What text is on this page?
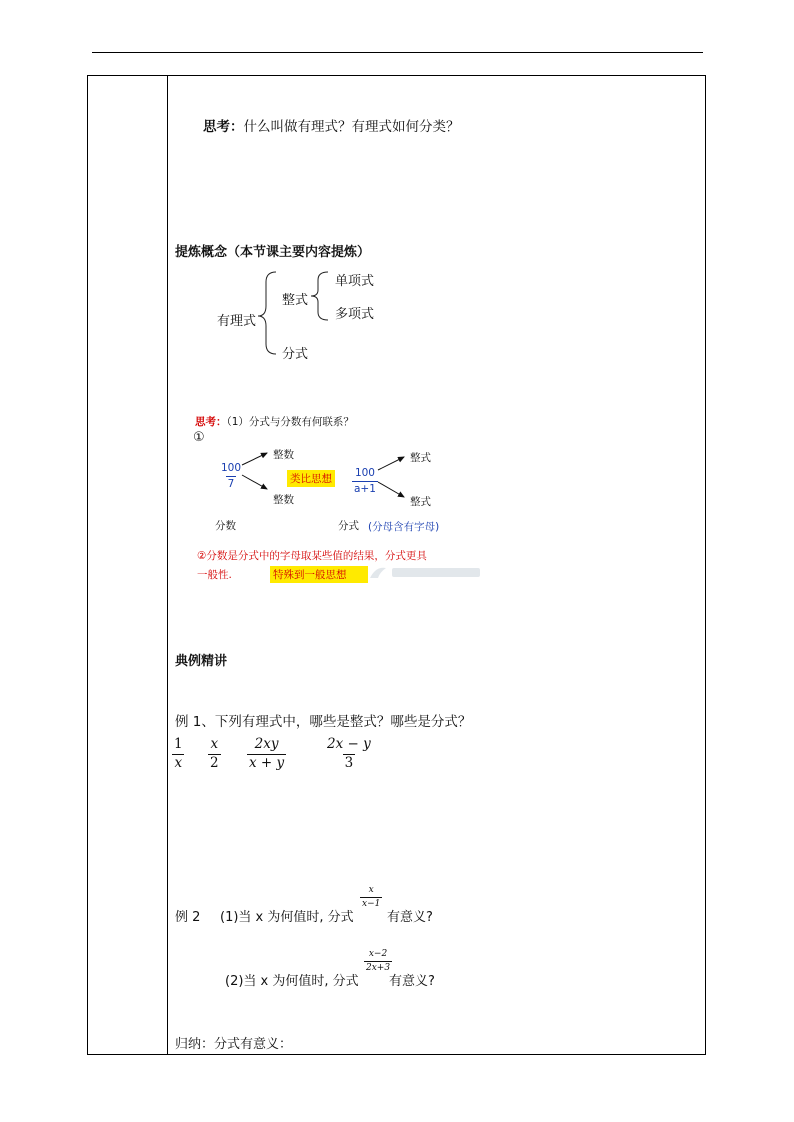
思考：什么叫做有理式？有理式如何分类？
提炼概念（本节课主要内容提炼）
有理式
整式
单项式
多项式
分式
思考：（1）分式与分数有何联系？
①
$\frac{100}{7}$
整数
整数
类比思想 $\frac{100}{a+1}$
整式
整式
分数	分式 (分母含有字母)
②分数是分式中的字母取某些值的结果，分式更具
一般性.	特殊到一般思想
典例精讲
例 1、下列有理式中，哪些是整式？哪些是分式？
$\frac{1}{x} \frac{x}{2} \frac{2xy}{x + y}$	$\frac{2x - y}{3}$
例 2 (1)当 x 为何值时, 分式
$\frac{x}{x-1}$
有意义?
(2)当 x 为何值时, 分式
$\frac{x-2}{2x+3}$
有意义?
归纳：分式有意义：
